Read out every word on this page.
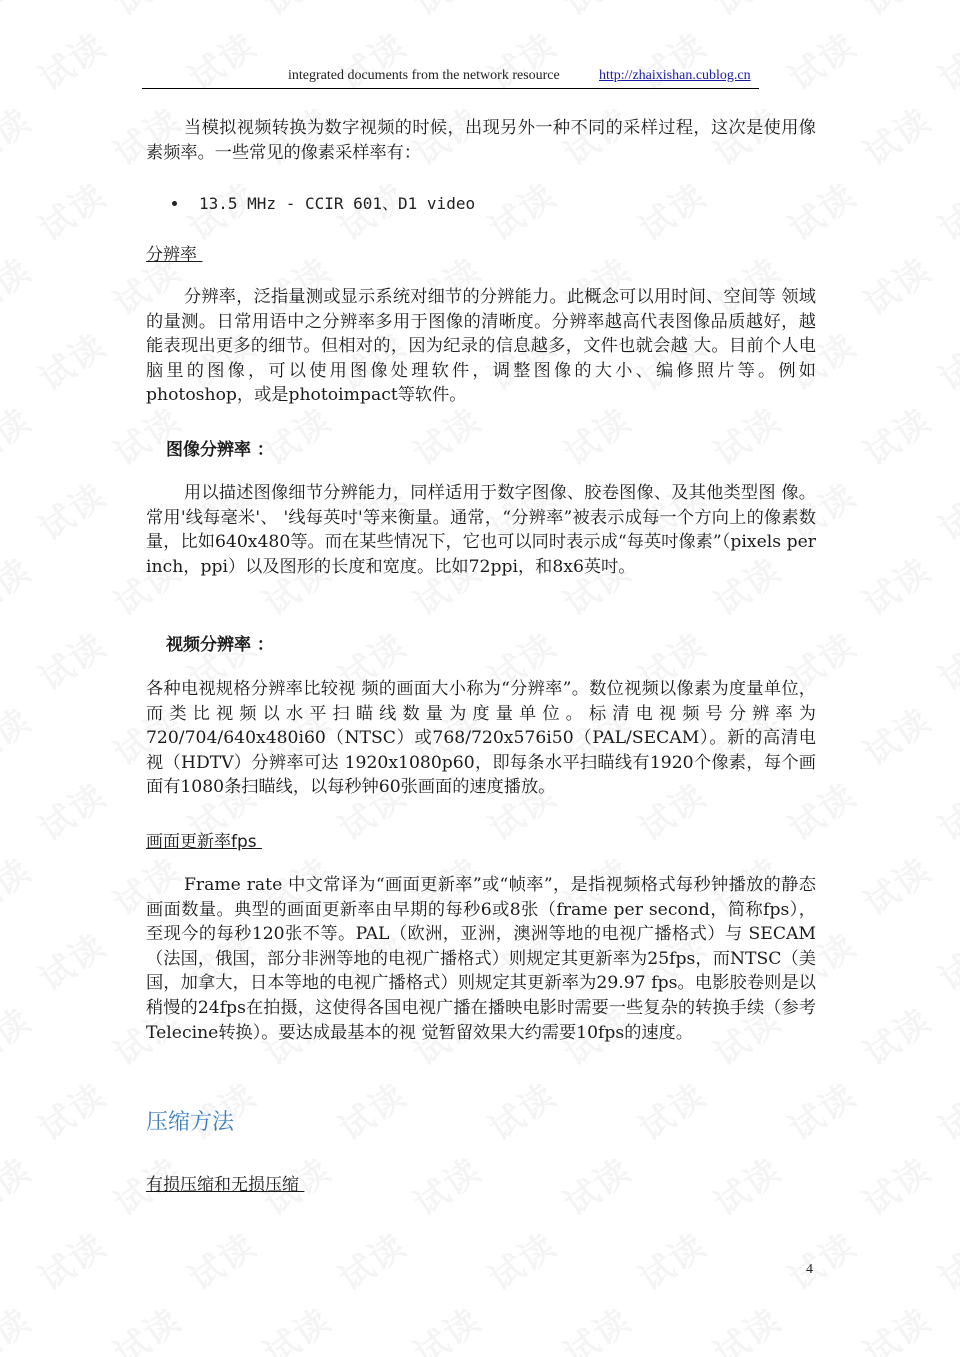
integrated documents from the network resource	http://zhaixishan.cublog.cn

当模拟视频转换为数字视频的时候，出现另外一种不同的采样过程，这次是使用像素频率。一些常见的像素采样率有：

13.5 MHz - CCIR 601、D1 video
分辨率

分辨率，泛指量测或显示系统对细节的分辨能力。此概念可以用时间、空间等 领域的量测。日常用语中之分辨率多用于图像的清晰度。分辨率越高代表图像品质越好，越能表现出更多的细节。但相对的，因为纪录的信息越多，文件也就会越 大。目前个人电脑里的图像，可以使用图像处理软件，调整图像的大小、编修照片等。例如 photoshop，或是photoimpact等软件。

图像分辨率 ：

用以描述图像细节分辨能力，同样适用于数字图像、胶卷图像、及其他类型图 像。常用'线每毫米'、 '线每英吋'等来衡量。通常，“分辨率”被表示成每一个方向上的像素数量，比如640x480等。而在某些情况下，它也可以同时表示成“每英吋像素”（pixels per inch，ppi）以及图形的长度和宽度。比如72ppi，和8x6英吋。

视频分辨率 ：

各种电视规格分辨率比较视 频的画面大小称为“分辨率”。数位视频以像素为度量单位，而类比视频以水平扫瞄线数量为度量单位。标清电视频号分辨率为720/704/640x480i60（NTSC）或768/720x576i50（PAL/SECAM）。新的高清电视（HDTV）分辨率可达 1920x1080p60，即每条水平扫瞄线有1920个像素，每个画面有1080条扫瞄线，以每秒钟60张画面的速度播放。

画面更新率fps

Frame rate 中文常译为“画面更新率”或“帧率”，是指视频格式每秒钟播放的静态画面数量。典型的画面更新率由早期的每秒6或8张（frame per second，简称fps），至现今的每秒120张不等。PAL（欧洲，亚洲，澳洲等地的电视广播格式）与 SECAM（法国，俄国，部分非洲等地的电视广播格式）则规定其更新率为25fps，而NTSC（美国，加拿大，日本等地的电视广播格式）则规定其更新率为29.97 fps。电影胶卷则是以稍慢的24fps在拍摄，这使得各国电视广播在播映电影时需要一些复杂的转换手续（参考Telecine转换）。要达成最基本的视 觉暂留效果大约需要10fps的速度。

压缩方法
有损压缩和无损压缩
4
